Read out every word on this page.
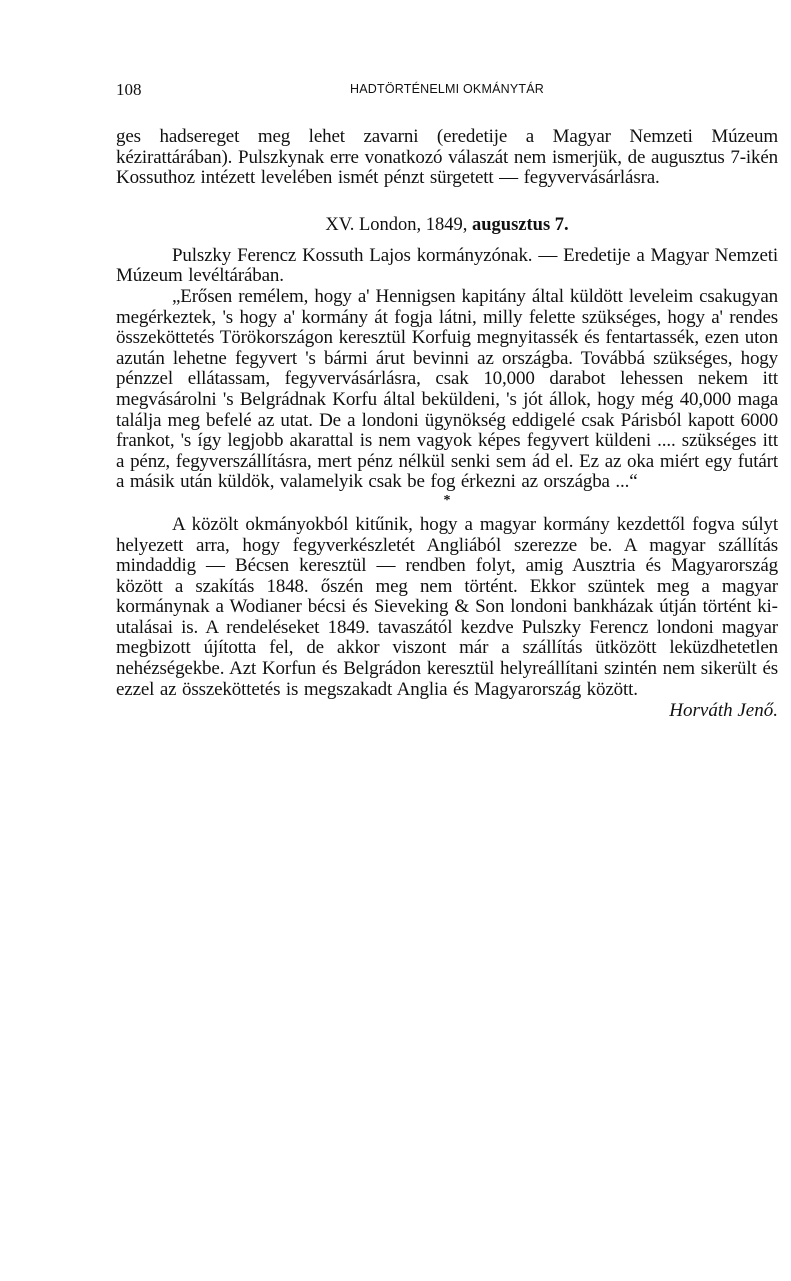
108	HADTÖRTÉNELMI OKMÁNYTÁR

ges hadsereget meg lehet zavarni (eredetije a Magyar Nemzeti Múzeum kézirattárában). Pulszkynak erre vonatkozó válaszát nem ismerjük, de augusztus 7-ikén Kossuthoz intézett levelében ismét pénzt sürgetett — fegyvervásárlásra.

XV. London, 1849, augusztus 7.

Pulszky Ferencz Kossuth Lajos kormányzónak. — Eredetije a Magyar Nemzeti Múzeum levéltárában.

„Erősen remélem, hogy a' Hennigsen kapitány által küldött leveleim csakugyan megérkeztek, 's hogy a' kormány át fogja látni, milly felette szükséges, hogy a' rendes összeköttetés Törökországon keresztül Korfuig megnyitassék és fentartassék, ezen uton azután lehetne fegyvert 's bármi árut bevinni az országba. Továbbá szükséges, hogy pénzzel ellátassam, fegyvervásárlásra, csak 10,000 darabot lehessen nekem itt megvásárolni 's Belgrádnak Korfu által beküldeni, 's jót állok, hogy még 40,000 maga találja meg befelé az utat. De a londoni ügynökség eddigelé csak Párisból kapott 6000 frankot, 's így legjobb akarattal is nem vagyok képes fegyvert küldeni .... szükséges itt a pénz, fegyverszállításra, mert pénz nélkül senki sem ád el. Ez az oka miért egy futárt a másik után küldök, valamelyik csak be fog érkezni az országba ...“

*

A közölt okmányokból kitűnik, hogy a magyar kormány kezdettől fogva súlyt helyezett arra, hogy fegyverkészletét Angliából szerezze be. A magyar szállítás mindaddig — Bécsen keresztül — rendben folyt, amig Ausztria és Magyarország között a szakítás 1848. őszén meg nem történt. Ekkor szüntek meg a magyar kormánynak a Wodianer bécsi és Sieveking & Son londoni bankházak útján történt kiutalásai is. A rendeléseket 1849. tavaszától kezdve Pulszky Ferencz londoni magyar megbizott újította fel, de akkor viszont már a szállítás ütközött leküzdhetetlen nehézségekbe. Azt Korfun és Belgrádon keresztül helyreállítani szintén nem sikerült és ezzel az összeköttetés is megszakadt Anglia és Magyarország között.

Horváth Jenő.
